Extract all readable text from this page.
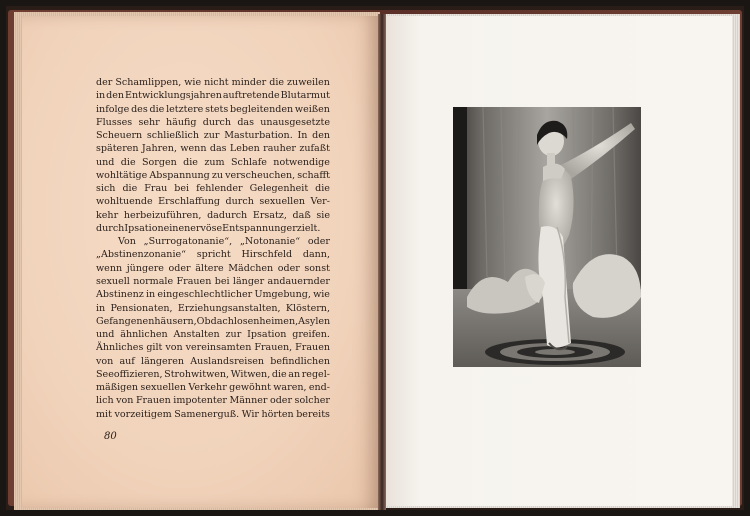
der Schamlippen, wie nicht minder die zuweilen
in den Entwicklungsjahren auftretende Blutarmut
infolge des die letztere stets begleitenden weißen
Flusses sehr häufig durch das unausgesetzte
Scheuern schließlich zur Masturbation. In den
späteren Jahren, wenn das Leben rauher zufaßt
und die Sorgen die zum Schlafe notwendige
wohltätige Abspannung zu verscheuchen, schafft
sich die Frau bei fehlender Gelegenheit die
wohltuende Erschlaffung durch sexuellen Ver-
kehr herbeizuführen, dadurch Ersatz, daß sie
durch Ipsation eine nervöse Entspannung erzielt.
Von „Surrogatonanie“, „Notonanie“ oder
„Abstinenzonanie“ spricht Hirschfeld dann,
wenn jüngere oder ältere Mädchen oder sonst
sexuell normale Frauen bei länger andauernder
Abstinenz in eingeschlechtlicher Umgebung, wie
in Pensionaten, Erziehungsanstalten, Klöstern,
Gefangenenhäusern, Obdachlosenheimen, Asylen
und ähnlichen Anstalten zur Ipsation greifen.
Ähnliches gilt von vereinsamten Frauen, Frauen
von auf längeren Auslandsreisen befindlichen
Seeoffizieren, Strohwitwen, Witwen, die an regel-
mäßigen sexuellen Verkehr gewöhnt waren, end-
lich von Frauen impotenter Männer oder solcher
mit vorzeitigem Samenerguß. Wir hörten bereits
80
